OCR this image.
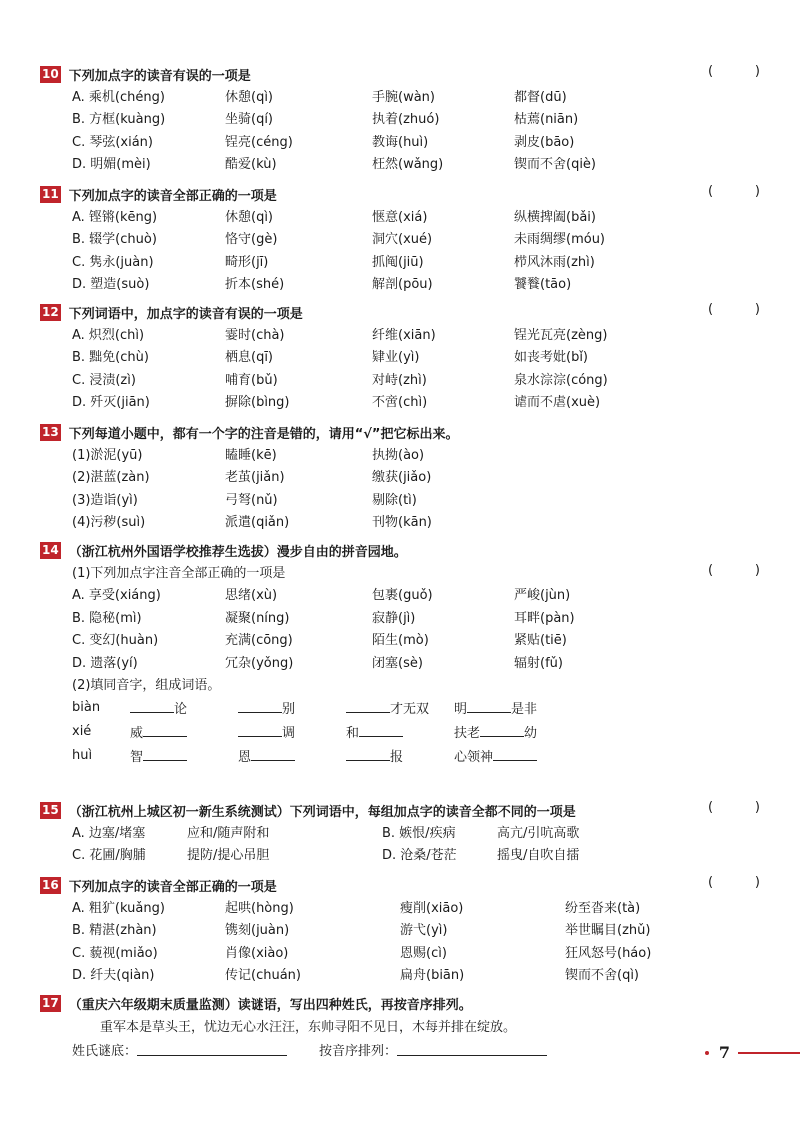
10 下列加点字的读音有误的一项是	(	)
A. 乘机(chéng)	休憩(qì)	手腕(wàn)	都督(dū)
B. 方框(kuàng)	坐骑(qí)	执着(zhuó)	枯蔫(niān)
C. 琴弦(xián)	锃亮(céng)	教诲(huì)	剥皮(bāo)
D. 明媚(mèi)	酷爱(kù)	枉然(wǎng)	锲而不舍(qiè)
11 下列加点字的读音全部正确的一项是	(	)
A. 铿锵(kēng)	休憩(qì)	惬意(xiá)	纵横捭阖(bǎi)
B. 辍学(chuò)	恪守(gè)	洞穴(xué)	未雨绸缪(móu)
C. 隽永(juàn)	畸形(jī)	抓阄(jiū)	栉风沐雨(zhì)
D. 塑造(suò)	折本(shé)	解剖(pōu)	饕餮(tāo)
12 下列词语中，加点字的读音有误的一项是	(	)
A. 炽烈(chì)	霎时(chà)	纤维(xiān)	锃光瓦亮(zèng)
B. 黜免(chù)	栖息(qī)	肄业(yì)	如丧考妣(bǐ)
C. 浸渍(zì)	哺育(bǔ)	对峙(zhì)	泉水淙淙(cóng)
D. 歼灭(jiān)	摒除(bìng)	不啻(chì)	谑而不虐(xuè)
13 下列每道小题中，都有一个字的注音是错的，请用“√”把它标出来。
(1)淤泥(yū)	瞌睡(kē)	执拗(ào)
(2)湛蓝(zàn)	老茧(jiǎn)	缴获(jiǎo)
(3)造诣(yì)	弓弩(nǔ)	剔除(tì)
(4)污秽(suì)	派遣(qiǎn)	刊物(kān)
14 （浙江杭州外国语学校推荐生选拔）漫步自由的拼音园地。
(1)下列加点字注音全部正确的一项是	(	)
A. 享受(xiáng)	思绪(xù)	包裹(guǒ)	严峻(jùn)
B. 隐秘(mì)	凝聚(níng)	寂静(jì)	耳畔(pàn)
C. 变幻(huàn)	充满(cōng)	陌生(mò)	紧贴(tiē)
D. 遗落(yí)	冗杂(yǒng)	闭塞(sè)	辐射(fǔ)
(2)填同音字，组成词语。
biàn	论	别	才无双	明	是非
xié	威	调	和	扶老	幼
huì	智	恩	报	心领神
15 （浙江杭州上城区初一新生系统测试）下列词语中，每组加点字的读音全都不同的一项是	(	)
A. 边塞/堵塞	应和/随声附和	B. 嫉恨/疾病	高亢/引吭高歌
C. 花圃/胸脯	提防/提心吊胆	D. 沧桑/苍茫	摇曳/自吹自擂
16 下列加点字的读音全部正确的一项是	(	)
A. 粗犷(kuǎng)	起哄(hòng)	瘦削(xiāo)	纷至沓来(tà)
B. 精湛(zhàn)	镌刻(juàn)	游弋(yì)	举世瞩目(zhǔ)
C. 藐视(miǎo)	肖像(xiào)	恩赐(cì)	狂风怒号(háo)
D. 纤夫(qiàn)	传记(chuán)	扁舟(biān)	锲而不舍(qì)
17 （重庆六年级期末质量监测）读谜语，写出四种姓氏，再按音序排列。
重军本是草头王，忧边无心水汪汪，东帅寻阳不见日，木每并排在绽放。
姓氏谜底：	按音序排列：	7
